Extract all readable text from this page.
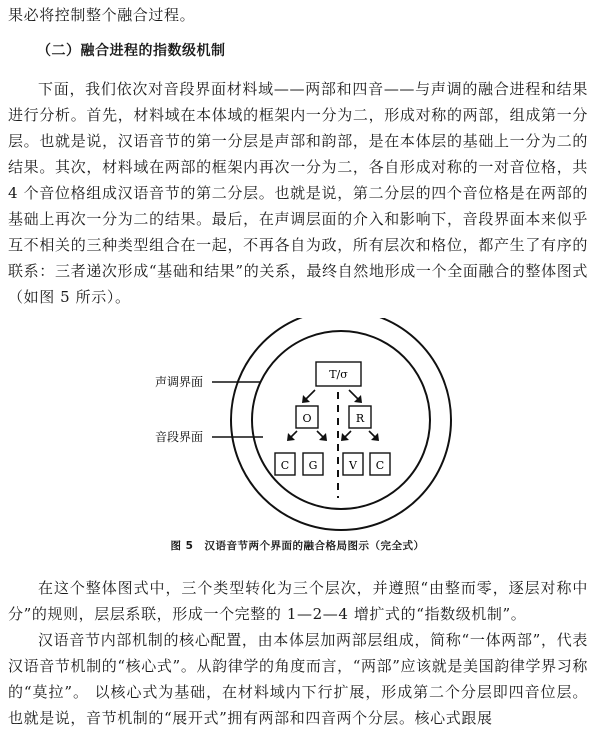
果必将控制整个融合过程。

（二）融合进程的指数级机制

下面，我们依次对音段界面材料域——两部和四音——与声调的融合进程和结果进行分析。首先，材料域在本体域的框架内一分为二，形成对称的两部，组成第一分层。也就是说，汉语音节的第一分层是声部和韵部，是在本体层的基础上一分为二的结果。其次，材料域在两部的框架内再次一分为二，各自形成对称的一对音位格，共 4 个音位格组成汉语音节的第二分层。也就是说，第二分层的四个音位格是在两部的基础上再次一分为二的结果。最后，在声调层面的介入和影响下，音段界面本来似乎互不相关的三种类型组合在一起，不再各自为政，所有层次和格位，都产生了有序的联系：三者递次形成“基础和结果”的关系，最终自然地形成一个全面融合的整体图式（如图 5 所示）。

声调界面
音段界面
T/σ
O	R
C G	V C
图 5　汉语音节两个界面的融合格局图示（完全式）

在这个整体图式中，三个类型转化为三个层次，并遵照“由整而零，逐层对称中分”的规则，层层系联，形成一个完整的 1—2—4 增扩式的“指数级机制”。

汉语音节内部机制的核心配置，由本体层加两部层组成，简称“一体两部”，代表汉语音节机制的“核心式”。从韵律学的角度而言，“两部”应该就是美国韵律学界习称的“莫拉”。 以核心式为基础，在材料域内下行扩展，形成第二个分层即四音位层。也就是说，音节机制的“展开式”拥有两部和四音两个分层。核心式跟展
